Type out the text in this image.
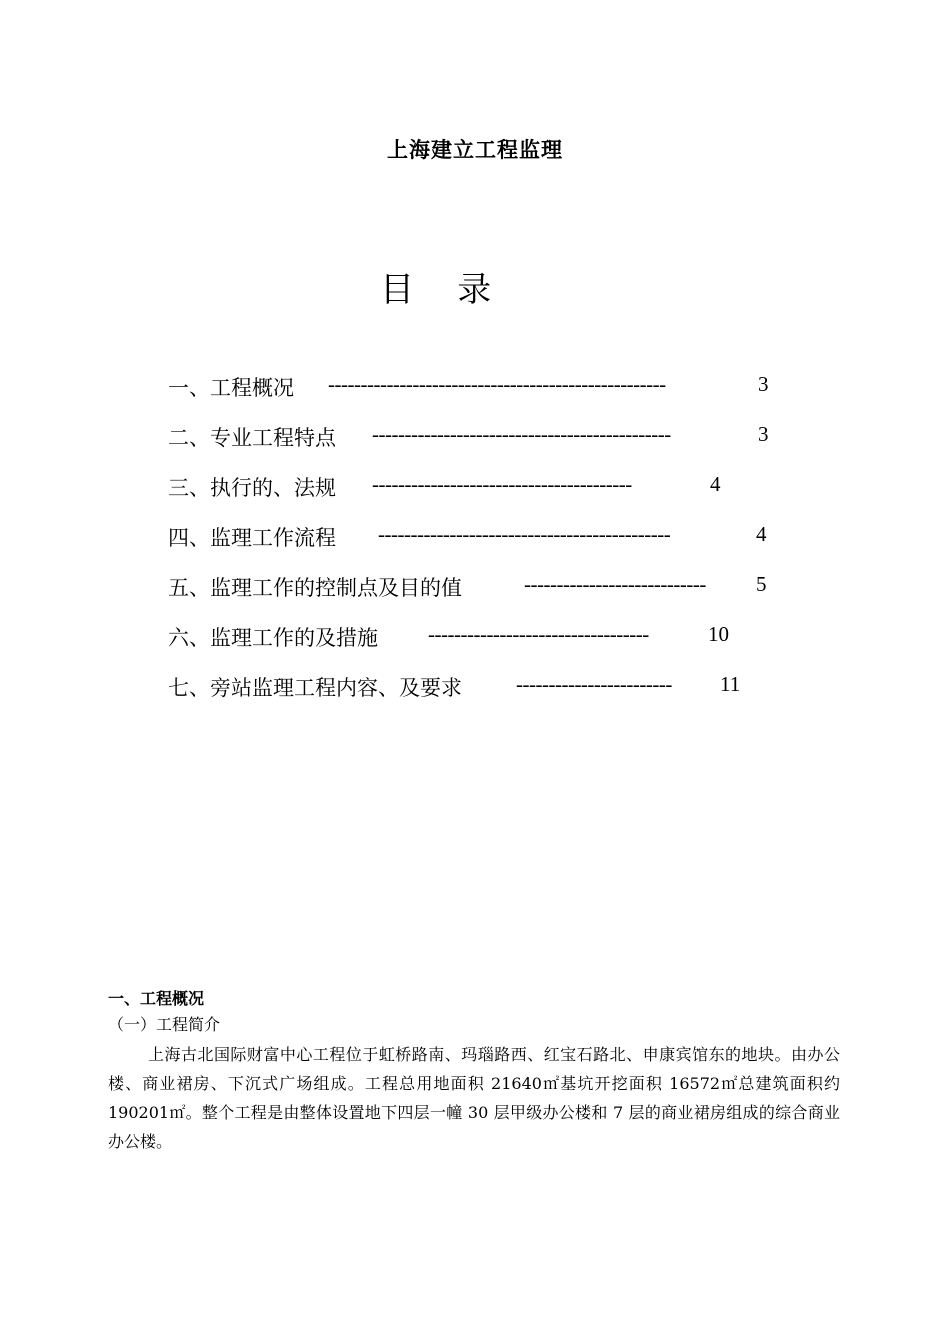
上海建立工程监理
目    录
一、工程概况 ----------------------------------------------------	3
二、专业工程特点 ----------------------------------------------	3
三、执行的、法规 ----------------------------------------	4
四、监理工作流程 ---------------------------------------------	4
五、监理工作的控制点及目的值	---------------------------- 5
六、监理工作的及措施 ----------------------------------	10
七、旁站监理工程内容、及要求	------------------------ 11
一、工程概况
（一）工程简介
上海古北国际财富中心工程位于虹桥路南、玛瑙路西、红宝石路北、申康宾馆东的地块。由办公楼、商业裙房、下沉式广场组成。工程总用地面积 21640㎡基坑开挖面积 16572㎡总建筑面积约 190201㎡。整个工程是由整体设置地下四层一幢 30 层甲级办公楼和 7 层的商业裙房组成的综合商业办公楼。
